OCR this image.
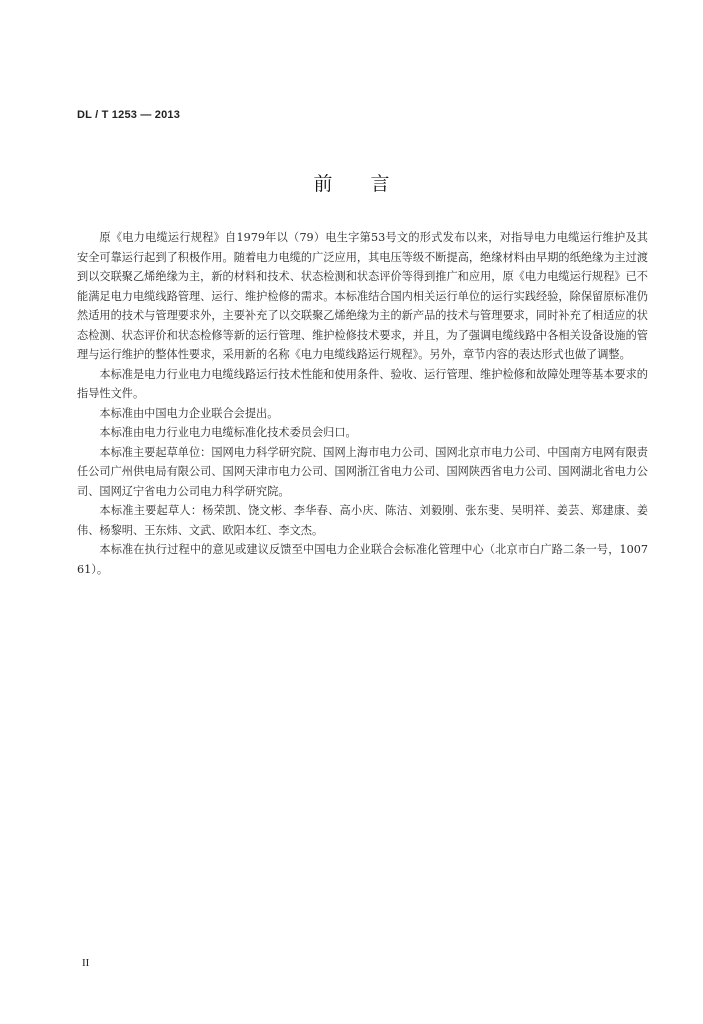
DL / T 1253 — 2013
前言

原《电力电缆运行规程》自1979年以（79）电生字第53号文的形式发布以来，对指导电力电缆运行维护及其安全可靠运行起到了积极作用。随着电力电缆的广泛应用，其电压等级不断提高，绝缘材料由早期的纸绝缘为主过渡到以交联聚乙烯绝缘为主，新的材料和技术、状态检测和状态评价等得到推广和应用，原《电力电缆运行规程》已不能满足电力电缆线路管理、运行、维护检修的需求。本标准结合国内相关运行单位的运行实践经验，除保留原标准仍然适用的技术与管理要求外，主要补充了以交联聚乙烯绝缘为主的新产品的技术与管理要求，同时补充了相适应的状态检测、状态评价和状态检修等新的运行管理、维护检修技术要求，并且，为了强调电缆线路中各相关设备设施的管理与运行维护的整体性要求，采用新的名称《电力电缆线路运行规程》。另外，章节内容的表达形式也做了调整。

本标准是电力行业电力电缆线路运行技术性能和使用条件、验收、运行管理、维护检修和故障处理等基本要求的指导性文件。

本标准由中国电力企业联合会提出。

本标准由电力行业电力电缆标准化技术委员会归口。

本标准主要起草单位：国网电力科学研究院、国网上海市电力公司、国网北京市电力公司、中国南方电网有限责任公司广州供电局有限公司、国网天津市电力公司、国网浙江省电力公司、国网陕西省电力公司、国网湖北省电力公司、国网辽宁省电力公司电力科学研究院。

本标准主要起草人：杨荣凯、饶文彬、李华春、高小庆、陈洁、刘毅刚、张东斐、吴明祥、姜芸、郑建康、姜伟、杨黎明、王东炜、文武、欧阳本红、李文杰。

本标准在执行过程中的意见或建议反馈至中国电力企业联合会标准化管理中心（北京市白广路二条一号，100761）。

II
